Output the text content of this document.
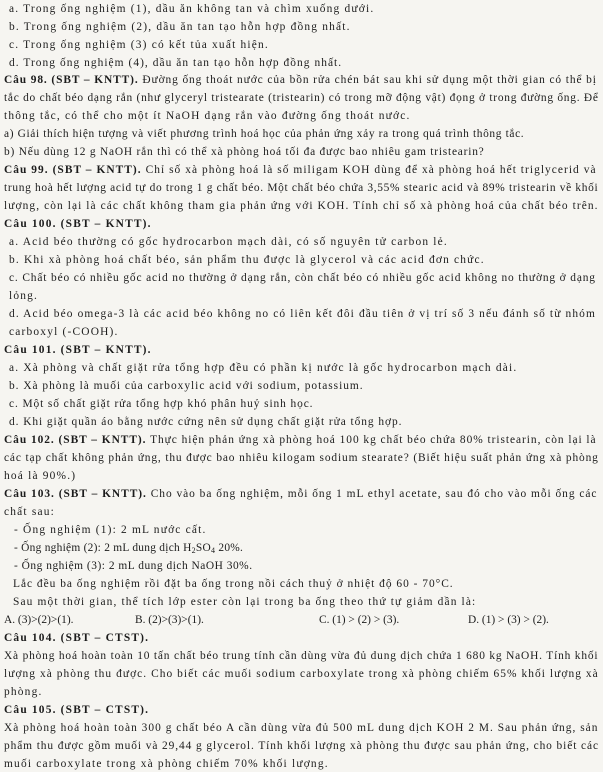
a. Trong ống nghiệm (1), dầu ăn không tan và chìm xuống dưới.
b. Trong ống nghiệm (2), dầu ăn tan tạo hỗn hợp đồng nhất.
c. Trong ống nghiệm (3) có kết tủa xuất hiện.
d. Trong ống nghiệm (4), dầu ăn tan tạo hỗn hợp đồng nhất.
Câu 98. (SBT – KNTT). Đường ống thoát nước của bồn rửa chén bát sau khi sử dụng một thời gian có thể bị
tắc do chất béo dạng rắn (như glyceryl tristearate (tristearin) có trong mỡ động vật) đọng ở trong đường ống. Để
thông tắc, có thể cho một ít NaOH dạng rắn vào đường ống thoát nước.
a) Giải thích hiện tượng và viết phương trình hoá học của phản ứng xảy ra trong quá trình thông tắc.
b) Nếu dùng 12 g NaOH rắn thì có thể xà phòng hoá tối đa được bao nhiêu gam tristearin?
Câu 99. (SBT – KNTT). Chỉ số xà phòng hoá là số miligam KOH dùng để xà phòng hoá hết triglycerid và
trung hoà hết lượng acid tự do trong 1 g chất béo. Một chất béo chứa 3,55% stearic acid và 89% tristearin về khối
lượng, còn lại là các chất không tham gia phản ứng với KOH. Tính chỉ số xà phòng hoá của chất béo trên.
Câu 100. (SBT – KNTT).
a. Acid béo thường có gốc hydrocarbon mạch dài, có số nguyên tử carbon lẻ.
b. Khi xà phòng hoá chất béo, sản phẩm thu được là glycerol và các acid đơn chức.
c. Chất béo có nhiều gốc acid no thường ở dạng rắn, còn chất béo có nhiều gốc acid không no thường ở dạng
lỏng.
d. Acid béo omega-3 là các acid béo không no có liên kết đôi đầu tiên ở vị trí số 3 nếu đánh số từ nhóm
carboxyl (-COOH).
Câu 101. (SBT – KNTT).
a. Xà phòng và chất giặt rửa tổng hợp đều có phần kị nước là gốc hydrocarbon mạch dài.
b. Xà phòng là muối của carboxylic acid với sodium, potassium.
c. Một số chất giặt rửa tổng hợp khó phân huỷ sinh học.
d. Khi giặt quần áo bằng nước cứng nên sử dụng chất giặt rửa tổng hợp.
Câu 102. (SBT – KNTT). Thực hiện phản ứng xà phòng hoá 100 kg chất béo chứa 80% tristearin, còn lại là
các tạp chất không phản ứng, thu được bao nhiêu kilogam sodium stearate? (Biết hiệu suất phản ứng xà phòng
hoá là 90%.)
Câu 103. (SBT – KNTT). Cho vào ba ống nghiệm, mỗi ống 1 mL ethyl acetate, sau đó cho vào mỗi ống các
chất sau:
- Ống nghiệm (1): 2 mL nước cất.
- Ống nghiệm (2): 2 mL dung dịch $H_2SO_4$ 20%.
- Ống nghiệm (3): 2 mL dung dịch NaOH 30%.
Lắc đều ba ống nghiệm rồi đặt ba ống trong nồi cách thuỷ ở nhiệt độ 60 - 70°C.
Sau một thời gian, thể tích lớp ester còn lại trong ba ống theo thứ tự giảm dần là:
A. (3)>(2)>(1).	B. (2)>(3)>(1).	C. (1) > (2) > (3).	D. (1) > (3) > (2).
Câu 104. (SBT – CTST).
Xà phòng hoá hoàn toàn 10 tấn chất béo trung tính cần dùng vừa đủ dung dịch chứa 1 680 kg NaOH. Tính khối
lượng xà phòng thu được. Cho biết các muối sodium carboxylate trong xà phòng chiếm 65% khối lượng xà
phòng.
Câu 105. (SBT – CTST).
Xà phòng hoá hoàn toàn 300 g chất béo A cần dùng vừa đủ 500 mL dung dịch KOH 2 M. Sau phản ứng, sản
phẩm thu được gồm muối và 29,44 g glycerol. Tính khối lượng xà phòng thu được sau phản ứng, cho biết các
muối carboxylate trong xà phòng chiếm 70% khối lượng.
